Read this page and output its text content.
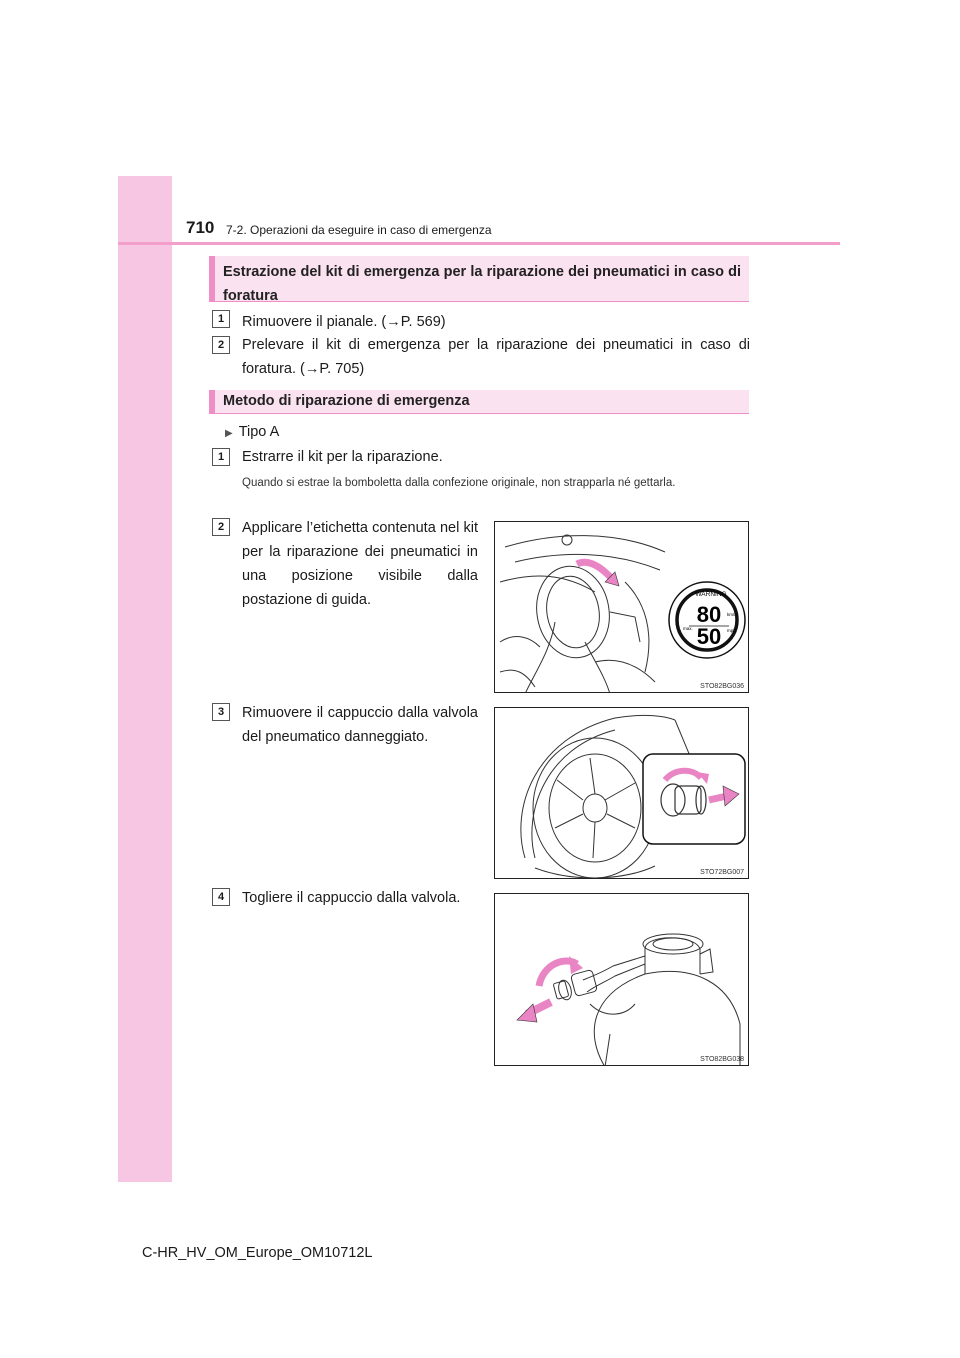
710 7-2. Operazioni da eseguire in caso di emergenza
Estrazione del kit di emergenza per la riparazione dei pneumatici in caso di foratura
1	Rimuovere il pianale. (→P. 569)
2	Prelevare il kit di emergenza per la riparazione dei pneumatici in caso di foratura. (→P. 705)
Metodo di riparazione di emergenza
▶ Tipo A
1	Estrarre il kit per la riparazione.
Quando si estrae la bomboletta dalla confezione originale, non strapparla né gettarla.
2	Applicare l’etichetta contenuta nel kit per la riparazione dei pneumatici in una posizione visibile dalla postazione di guida.
3	Rimuovere il cappuccio dalla valvola del pneumatico danneggiato.
4	Togliere il cappuccio dalla valvola.
WARNING
80
50
km/h
mph
max.
STO82BG036
STO72BG007
STO82BG038
C-HR_HV_OM_Europe_OM10712L
